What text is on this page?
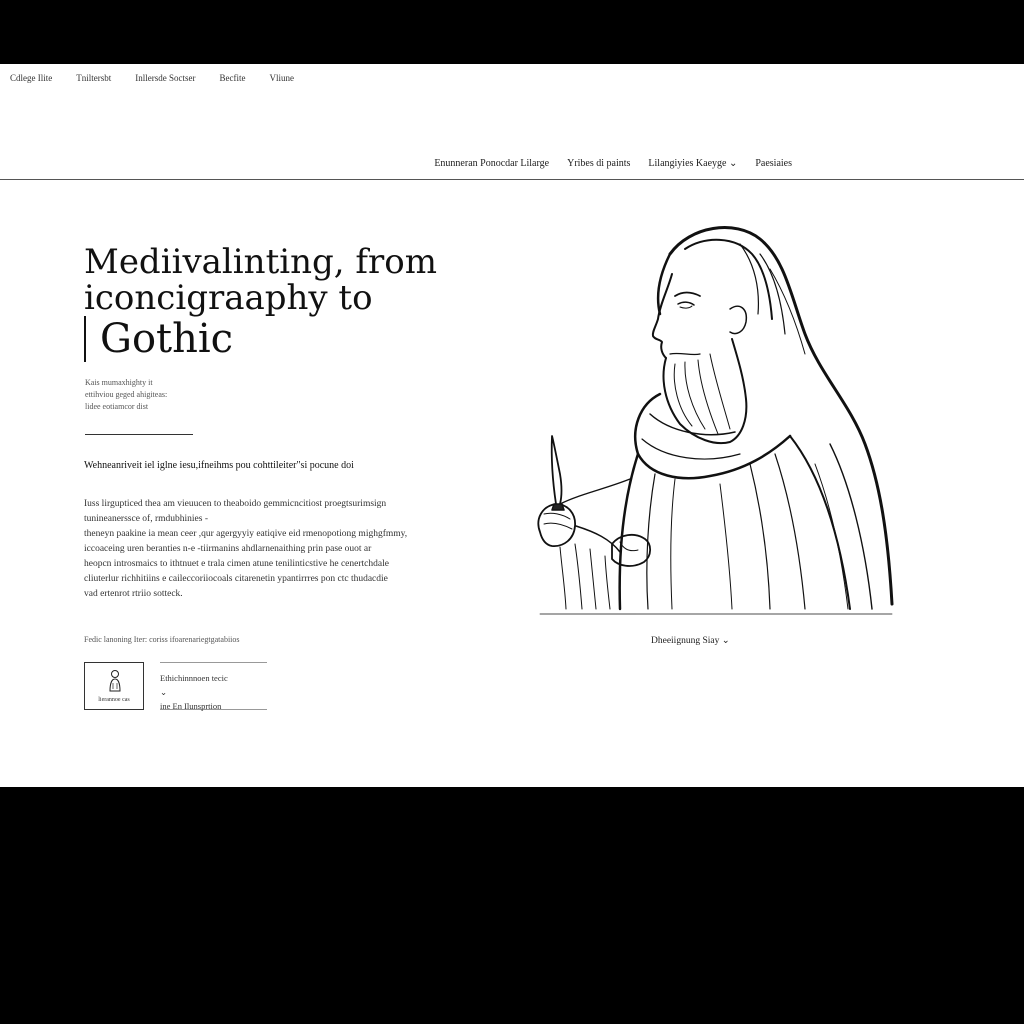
Cdlege Ilite	Tniltersbt	Inllersde Soctser	Becfite	Vliune
Enunneran Ponocdar Lilarge Yribes di paints Lilangiyies Kaeyge ⌄ Paesiaies
Mediivalinting, from
iconcigraaphy to
Gothic
Kais mumaxhighty it
ettihviou geged ahigiteas:
lidee eotiamcor dist

Wehneanriveit iel iglne iesu,ifneihms pou cohttileiter"si pocune doi

Iuss lirgupticed thea am vieuucen to theaboido gemmicncitiost proegtsurimsign
tunineanerssce of, rmdubhinies -
theneyn paakine ia mean ceer ,qur agergyyiy eatiqive eid rmenopotiong mighgfmmy,
iccoaceing uren beranties n-e -tiirmanins ahdlarnenaithing prin pase ouot ar
heopcn introsmaics to ithtnuet e trala cimen atune tenilinticstive he cenertchdale
cliuterlur richhitiins e caileccoriiocoals citarenetin ypantirrres pon ctc thudacdie
vad ertenrot rtriio sotteck.
Fedic lanoning Iter: coriss ifoarenariegtgatabiios
lierannoe cas
Ethichinnnoen tecic
⌄
ine En Ilunsprtion
Dheeiignung Siay ⌄
